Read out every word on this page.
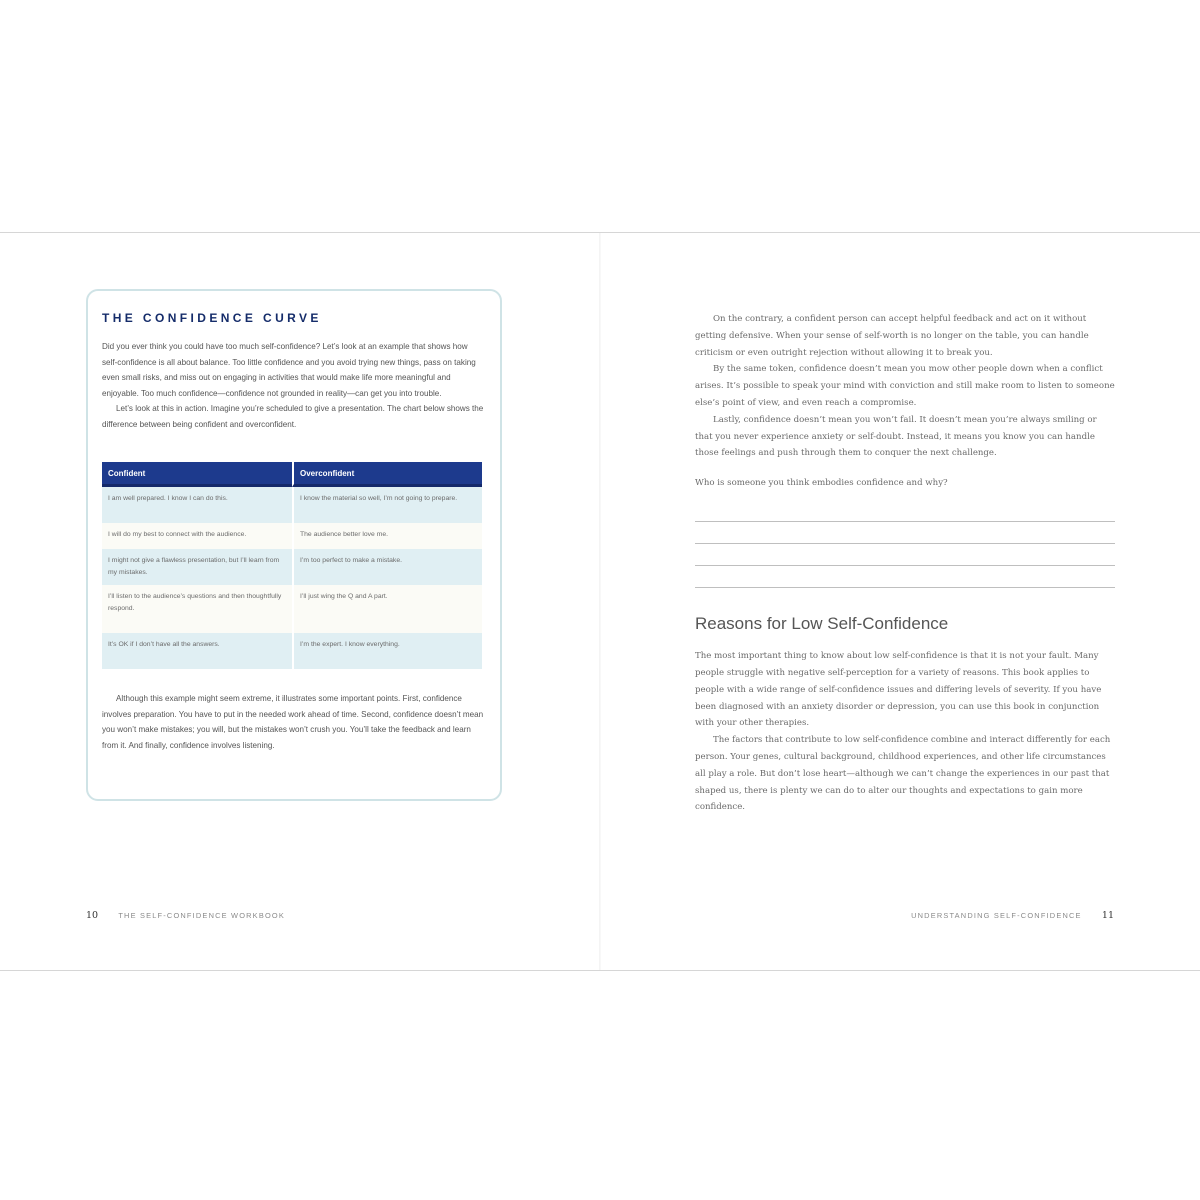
THE CONFIDENCE CURVE

Did you ever think you could have too much self-confidence? Let’s look at an example that shows how self-confidence is all about balance. Too little confidence and you avoid trying new things, pass on taking even small risks, and miss out on engaging in activities that would make life more meaningful and enjoyable. Too much confidence—confidence not grounded in reality—can get you into trouble.

Let’s look at this in action. Imagine you’re scheduled to give a presentation. The chart below shows the difference between being confident and overconfident.

Confident	Overconfident
I am well prepared. I know I can do this.	I know the material so well, I’m not going to prepare.
I will do my best to connect with the audience.	The audience better love me.
I might not give a flawless presentation, but I’ll learn from my mistakes.	I’m too perfect to make a mistake.
I’ll listen to the audience’s questions and then thoughtfully respond.	I’ll just wing the Q and A part.
It’s OK if I don’t have all the answers.	I’m the expert. I know everything.

Although this example might seem extreme, it illustrates some important points. First, confidence involves preparation. You have to put in the needed work ahead of time. Second, confidence doesn’t mean you won’t make mistakes; you will, but the mistakes won’t crush you. You’ll take the feedback and learn from it. And finally, confidence involves listening.

10	THE SELF-CONFIDENCE WORKBOOK

On the contrary, a confident person can accept helpful feedback and act on it without getting defensive. When your sense of self-worth is no longer on the table, you can handle criticism or even outright rejection without allowing it to break you.

By the same token, confidence doesn’t mean you mow other people down when a conflict arises. It’s possible to speak your mind with conviction and still make room to listen to someone else’s point of view, and even reach a compromise.

Lastly, confidence doesn’t mean you won’t fail. It doesn’t mean you’re always smiling or that you never experience anxiety or self-doubt. Instead, it means you know you can handle those feelings and push through them to conquer the next challenge.

Who is someone you think embodies confidence and why?

Reasons for Low Self-Confidence

The most important thing to know about low self-confidence is that it is not your fault. Many people struggle with negative self-perception for a variety of reasons. This book applies to people with a wide range of self-confidence issues and differing levels of severity. If you have been diagnosed with an anxiety disorder or depression, you can use this book in conjunction with your other therapies.

The factors that contribute to low self-confidence combine and interact differently for each person. Your genes, cultural background, childhood experiences, and other life circumstances all play a role. But don’t lose heart—although we can’t change the experiences in our past that shaped us, there is plenty we can do to alter our thoughts and expectations to gain more confidence.

UNDERSTANDING SELF-CONFIDENCE 11
